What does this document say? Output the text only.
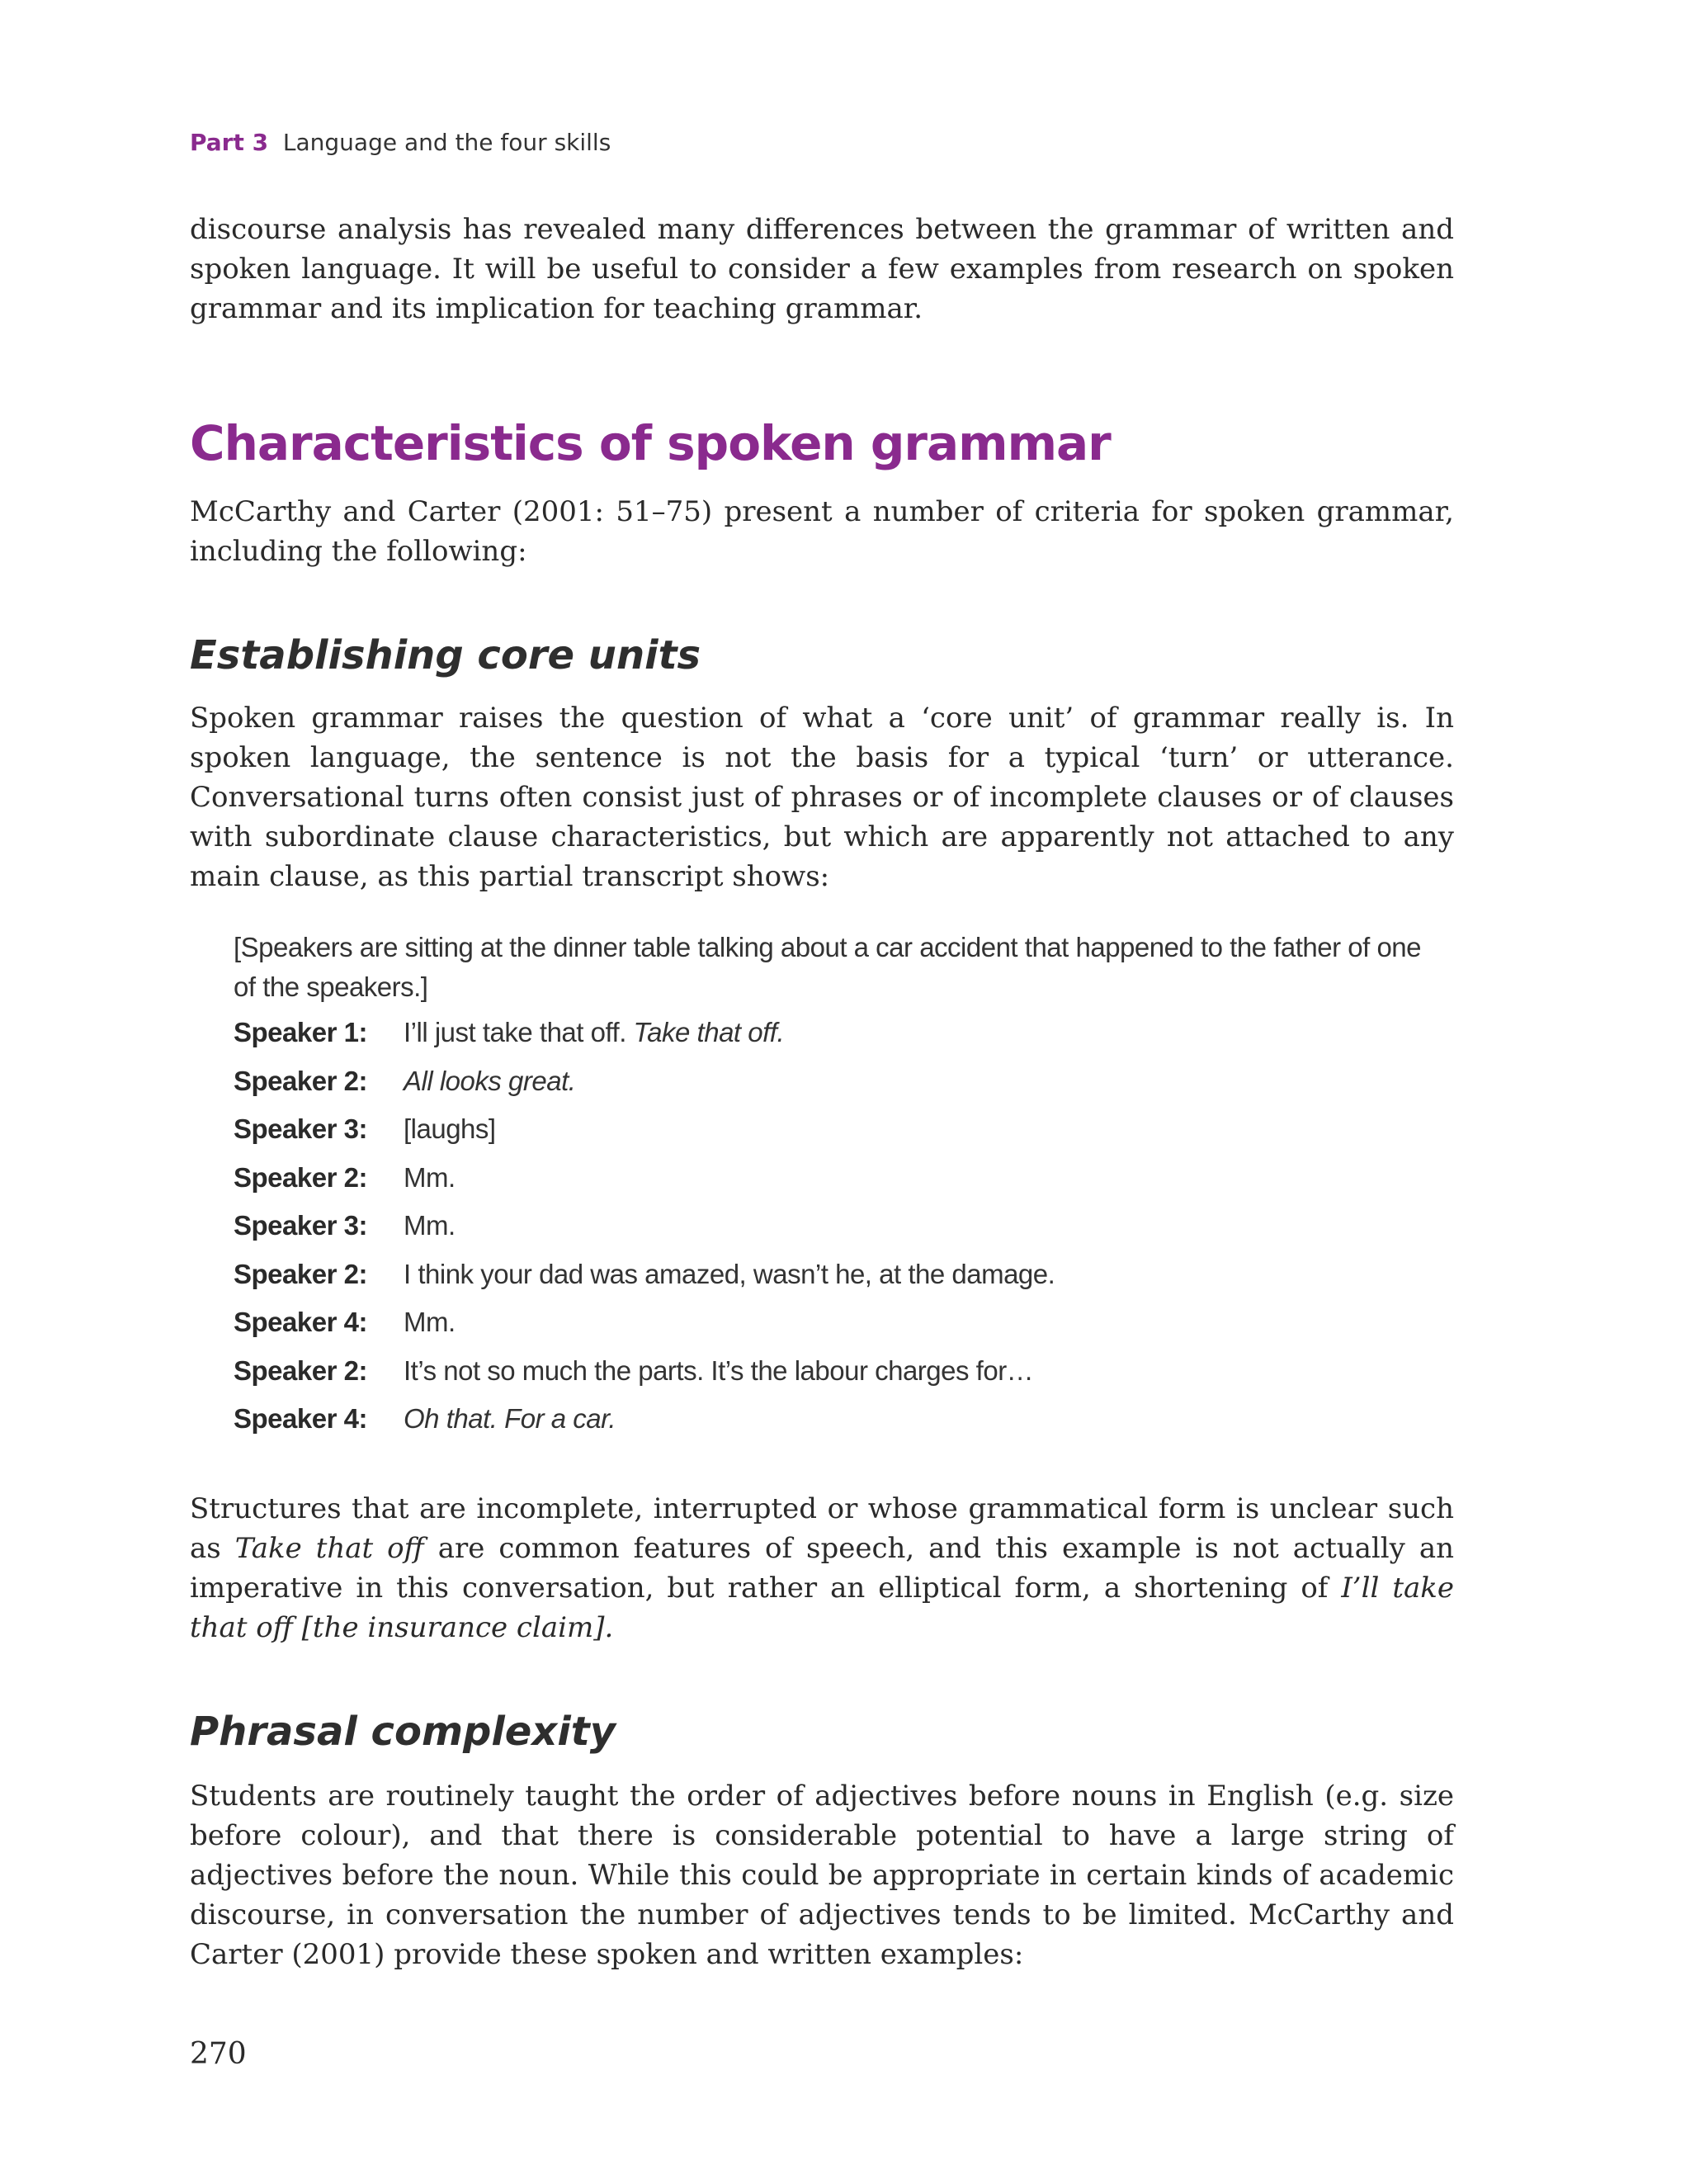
Part 3 Language and the four skills

discourse analysis has revealed many differences between the grammar of written and spoken language. It will be useful to consider a few examples from research on spoken grammar and its implication for teaching grammar.

Characteristics of spoken grammar

McCarthy and Carter (2001: 51–75) present a number of criteria for spoken grammar, including the following:

Establishing core units

Spoken grammar raises the question of what a ‘core unit’ of grammar really is. In spoken language, the sentence is not the basis for a typical ‘turn’ or utterance. Conversational turns often consist just of phrases or of incomplete clauses or of clauses with subordinate clause characteristics, but which are apparently not attached to any main clause, as this partial transcript shows:

[Speakers are sitting at the dinner table talking about a car accident that happened to the father of one of the speakers.]

Speaker 1:	I’ll just take that off. Take that off.
Speaker 2:	All looks great.
Speaker 3:	[laughs]
Speaker 2:	Mm.
Speaker 3:	Mm.
Speaker 2:	I think your dad was amazed, wasn’t he, at the damage.
Speaker 4:	Mm.
Speaker 2:	It’s not so much the parts. It’s the labour charges for…
Speaker 4:	Oh that. For a car.

Structures that are incomplete, interrupted or whose grammatical form is unclear such as Take that off are common features of speech, and this example is not actually an imperative in this conversation, but rather an elliptical form, a shortening of I’ll take that off [the insurance claim].

Phrasal complexity

Students are routinely taught the order of adjectives before nouns in English (e.g. size before colour), and that there is considerable potential to have a large string of adjectives before the noun. While this could be appropriate in certain kinds of academic discourse, in conversation the number of adjectives tends to be limited. McCarthy and Carter (2001) provide these spoken and written examples:

270
